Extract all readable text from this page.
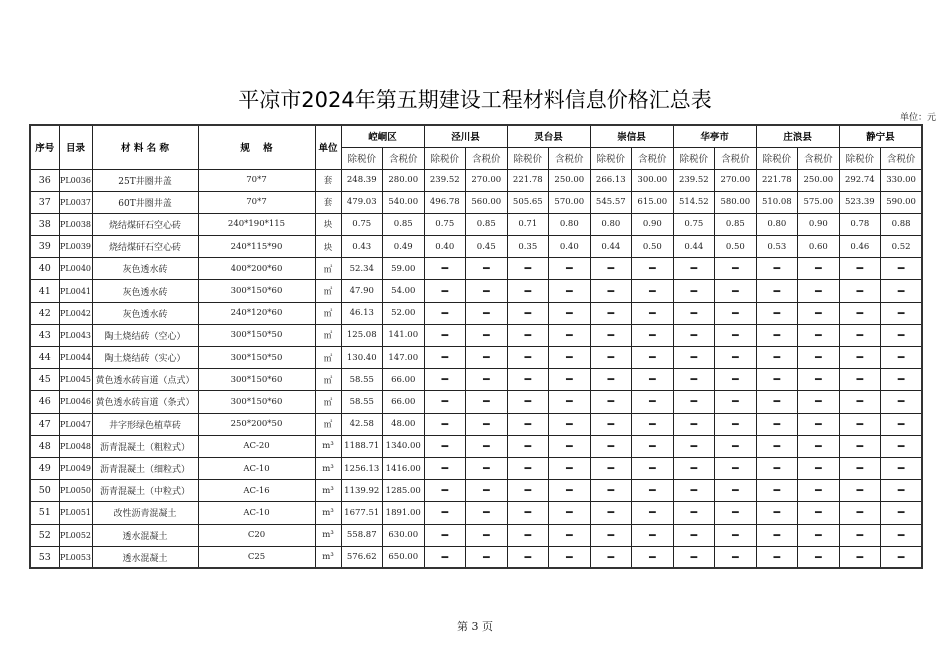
平凉市2024年第五期建设工程材料信息价格汇总表
单位：元
序号	目录	材 料 名 称	规    格	单位	崆峒区		泾川县		灵台县		崇信县		华亭市		庄浪县		静宁县	
					除税价	含税价	除税价	含税价	除税价	含税价	除税价	含税价	除税价	含税价	除税价	含税价	除税价	含税价
36	PL0036	25T井圈井盖	70*7	套	248.39	280.00	239.52	270.00	221.78	250.00	266.13	300.00	239.52	270.00	221.78	250.00	292.74	330.00
37	PL0037	60T井圈井盖	70*7	套	479.03	540.00	496.78	560.00	505.65	570.00	545.57	615.00	514.52	580.00	510.08	575.00	523.39	590.00
38	PL0038	烧结煤矸石空心砖	240*190*115	块	0.75	0.85	0.75	0.85	0.71	0.80	0.80	0.90	0.75	0.85	0.80	0.90	0.78	0.88
39	PL0039	烧结煤矸石空心砖	240*115*90	块	0.43	0.49	0.40	0.45	0.35	0.40	0.44	0.50	0.44	0.50	0.53	0.60	0.46	0.52
40	PL0040	灰色透水砖	400*200*60	㎡	52.34	59.00	━	━	━	━	━	━	━	━	━	━	━	━
41	PL0041	灰色透水砖	300*150*60	㎡	47.90	54.00	━	━	━	━	━	━	━	━	━	━	━	━
42	PL0042	灰色透水砖	240*120*60	㎡	46.13	52.00	━	━	━	━	━	━	━	━	━	━	━	━
43	PL0043	陶土烧结砖（空心）	300*150*50	㎡	125.08	141.00	━	━	━	━	━	━	━	━	━	━	━	━
44	PL0044	陶土烧结砖（实心）	300*150*50	㎡	130.40	147.00	━	━	━	━	━	━	━	━	━	━	━	━
45	PL0045	黄色透水砖盲道（点式）	300*150*60	㎡	58.55	66.00	━	━	━	━	━	━	━	━	━	━	━	━
46	PL0046	黄色透水砖盲道（条式）	300*150*60	㎡	58.55	66.00	━	━	━	━	━	━	━	━	━	━	━	━
47	PL0047	井字形绿色植草砖	250*200*50	㎡	42.58	48.00	━	━	━	━	━	━	━	━	━	━	━	━
48	PL0048	沥青混凝土（粗粒式）	AC-20	m³	1188.71	1340.00	━	━	━	━	━	━	━	━	━	━	━	━
49	PL0049	沥青混凝土（细粒式）	AC-10	m³	1256.13	1416.00	━	━	━	━	━	━	━	━	━	━	━	━
50	PL0050	沥青混凝土（中粒式）	AC-16	m³	1139.92	1285.00	━	━	━	━	━	━	━	━	━	━	━	━
51	PL0051	改性沥青混凝土	AC-10	m³	1677.51	1891.00	━	━	━	━	━	━	━	━	━	━	━	━
52	PL0052	透水混凝土	C20	m³	558.87	630.00	━	━	━	━	━	━	━	━	━	━	━	━
53	PL0053	透水混凝土	C25	m³	576.62	650.00	━	━	━	━	━	━	━	━	━	━	━	━
第 3 页
